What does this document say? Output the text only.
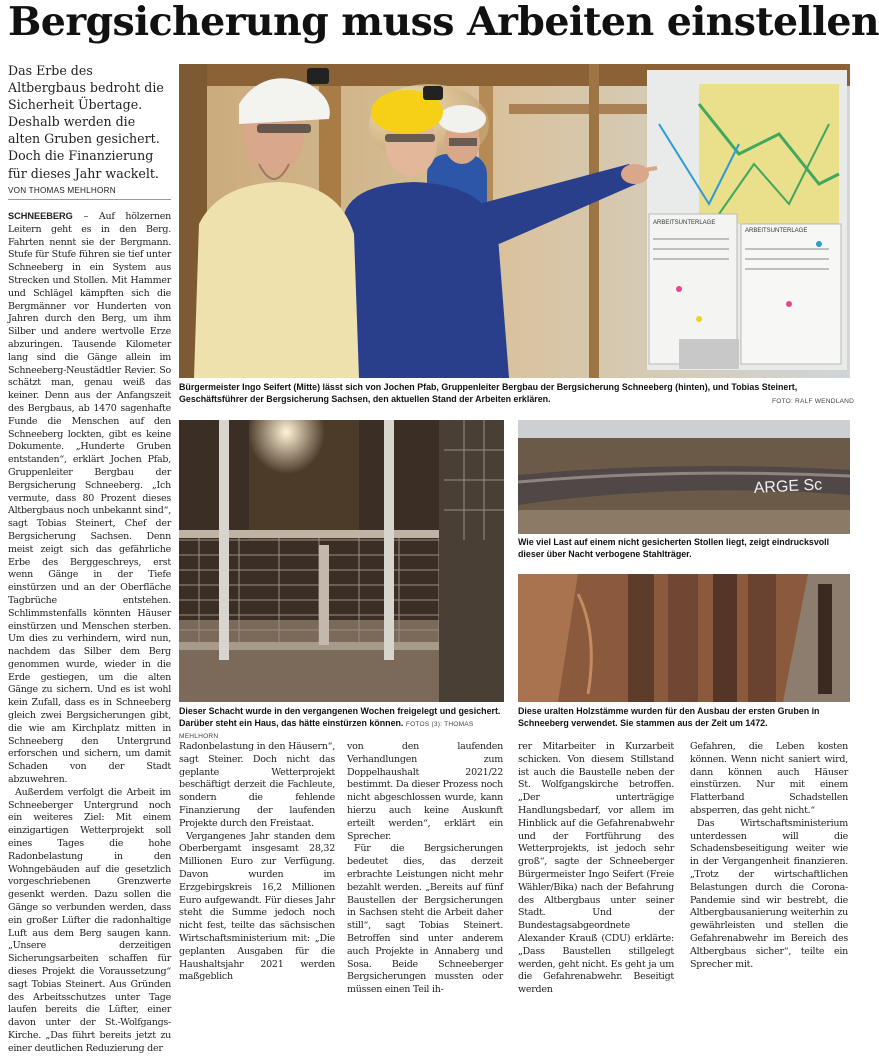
Bergsicherung muss Arbeiten einstellen
Das Erbe des Altbergbaus bedroht die Sicherheit Übertage. Deshalb werden die alten Gruben gesichert. Doch die Finanzierung für dieses Jahr wackelt.
VON THOMAS MEHLHORN

SCHNEEBERG – Auf hölzernen Leitern geht es in den Berg. Fahrten nennt sie der Bergmann. Stufe für Stufe führen sie tief unter Schneeberg in ein System aus Strecken und Stollen. Mit Hammer und Schlägel kämpften sich die Bergmänner vor Hunderten von Jahren durch den Berg, um ihm Silber und andere wertvolle Erze abzuringen. Tausende Kilometer lang sind die Gänge allein im Schneeberg-Neustädtler Revier. So schätzt man, genau weiß das keiner. Denn aus der Anfangszeit des Bergbaus, ab 1470 sagenhafte Funde die Menschen auf den Schneeberg lockten, gibt es keine Dokumente. „Hunderte Gruben entstanden“, erklärt Jochen Pfab, Gruppenleiter Bergbau der Bergsicherung Schneeberg. „Ich vermute, dass 80 Prozent dieses Altbergbaus noch unbekannt sind“, sagt Tobias Steinert, Chef der Bergsicherung Sachsen. Denn meist zeigt sich das gefährliche Erbe des Berggeschreys, erst wenn Gänge in der Tiefe einstürzen und an der Oberfläche Tagbrüche entstehen. Schlimmstenfalls könnten Häuser einstürzen und Menschen sterben. Um dies zu verhindern, wird nun, nachdem das Silber dem Berg genommen wurde, wieder in die Erde gestiegen, um die alten Gänge zu sichern. Und es ist wohl kein Zufall, dass es in Schneeberg gleich zwei Bergsicherungen gibt, die wie am Kirchplatz mitten in Schneeberg den Untergrund erforschen und sichern, um damit Schaden von der Stadt abzuwehren.

Außerdem verfolgt die Arbeit im Schneeberger Untergrund noch ein weiteres Ziel: Mit einem einzigartigen Wetterprojekt soll eines Tages die hohe Radonbelastung in den Wohngebäuden auf die gesetzlich vorgeschriebenen Grenzwerte gesenkt werden. Dazu sollen die Gänge so verbunden werden, dass ein großer Lüfter die radonhaltige Luft aus dem Berg saugen kann. „Unsere derzeitigen Sicherungsarbeiten schaffen für dieses Projekt die Voraussetzung“ sagt Tobias Steinert. Aus Gründen des Arbeitsschutzes unter Tage laufen bereits die Lüfter, einer davon unter der St.-Wolfgangs-Kirche. „Das führt bereits jetzt zu einer deutlichen Reduzierung der

ARBEITSUNTERLAGE
ARBEITSUNTERLAGE
Bürgermeister Ingo Seifert (Mitte) lässt sich von Jochen Pfab, Gruppenleiter Bergbau der Bergsicherung Schneeberg (hinten), und Tobias Steinert, Geschäftsführer der Bergsicherung Sachsen, den aktuellen Stand der Arbeiten erklären.	FOTO: RALF WENDLAND
Dieser Schacht wurde in den vergangenen Wochen freigelegt und gesichert. Darüber steht ein Haus, das hätte einstürzen können. FOTOS (3): THOMAS MEHLHORN
ARGE Sc
Wie viel Last auf einem nicht gesicherten Stollen liegt, zeigt eindrucksvoll dieser über Nacht verbogene Stahlträger.
Diese uralten Holzstämme wurden für den Ausbau der ersten Gruben in Schneeberg verwendet. Sie stammen aus der Zeit um 1472.

Radonbelastung in den Häusern“, sagt Steiner. Doch nicht das geplante Wetterprojekt beschäftigt derzeit die Fachleute, sondern die fehlende Finanzierung der laufenden Projekte durch den Freistaat.

Vergangenes Jahr standen dem Oberbergamt insgesamt 28,32 Millionen Euro zur Verfügung. Davon wurden im Erzgebirgskreis 16,2 Millionen Euro aufgewandt. Für dieses Jahr steht die Summe jedoch noch nicht fest, teilte das sächsischen Wirtschaftsministerium mit: „Die geplanten Ausgaben für die Haushaltsjahr 2021 werden maßgeblich

von den laufenden Verhandlungen zum Doppelhaushalt 2021/22 bestimmt. Da dieser Prozess noch nicht abgeschlossen wurde, kann hierzu auch keine Auskunft erteilt werden“, erklärt ein Sprecher.

Für die Bergsicherungen bedeutet dies, das derzeit erbrachte Leistungen nicht mehr bezahlt werden. „Bereits auf fünf Baustellen der Bergsicherungen in Sachsen steht die Arbeit daher still“, sagt Tobias Steinert. Betroffen sind unter anderem auch Projekte in Annaberg und Sosa. Beide Schneeberger Bergsicherungen mussten oder müssen einen Teil ih-

rer Mitarbeiter in Kurzarbeit schicken. Von diesem Stillstand ist auch die Baustelle neben der St. Wolfgangskirche betroffen. „Der unterträgige Handlungsbedarf, vor allem im Hinblick auf die Gefahrenabwehr und der Fortführung des Wetterprojekts, ist jedoch sehr groß“, sagte der Schneeberger Bürgermeister Ingo Seifert (Freie Wähler/Bika) nach der Befahrung des Altbergbaus unter seiner Stadt. Und der Bundestagsabgeordnete Alexander Krauß (CDU) erklärte: „Dass Baustellen stillgelegt werden, geht nicht. Es geht ja um die Gefahrenabwehr. Beseitigt werden

Gefahren, die Leben kosten können. Wenn nicht saniert wird, dann können auch Häuser einstürzen. Nur mit einem Flatterband Schadstellen absperren, das geht nicht.“

Das Wirtschaftsministerium unterdessen will die Schadensbeseitigung weiter wie in der Vergangenheit finanzieren. „Trotz der wirtschaftlichen Belastungen durch die Corona-Pandemie sind wir bestrebt, die Altbergbausanierung weiterhin zu gewährleisten und stellen die Gefahrenabwehr im Bereich des Altbergbaus sicher“, teilte ein Sprecher mit.
